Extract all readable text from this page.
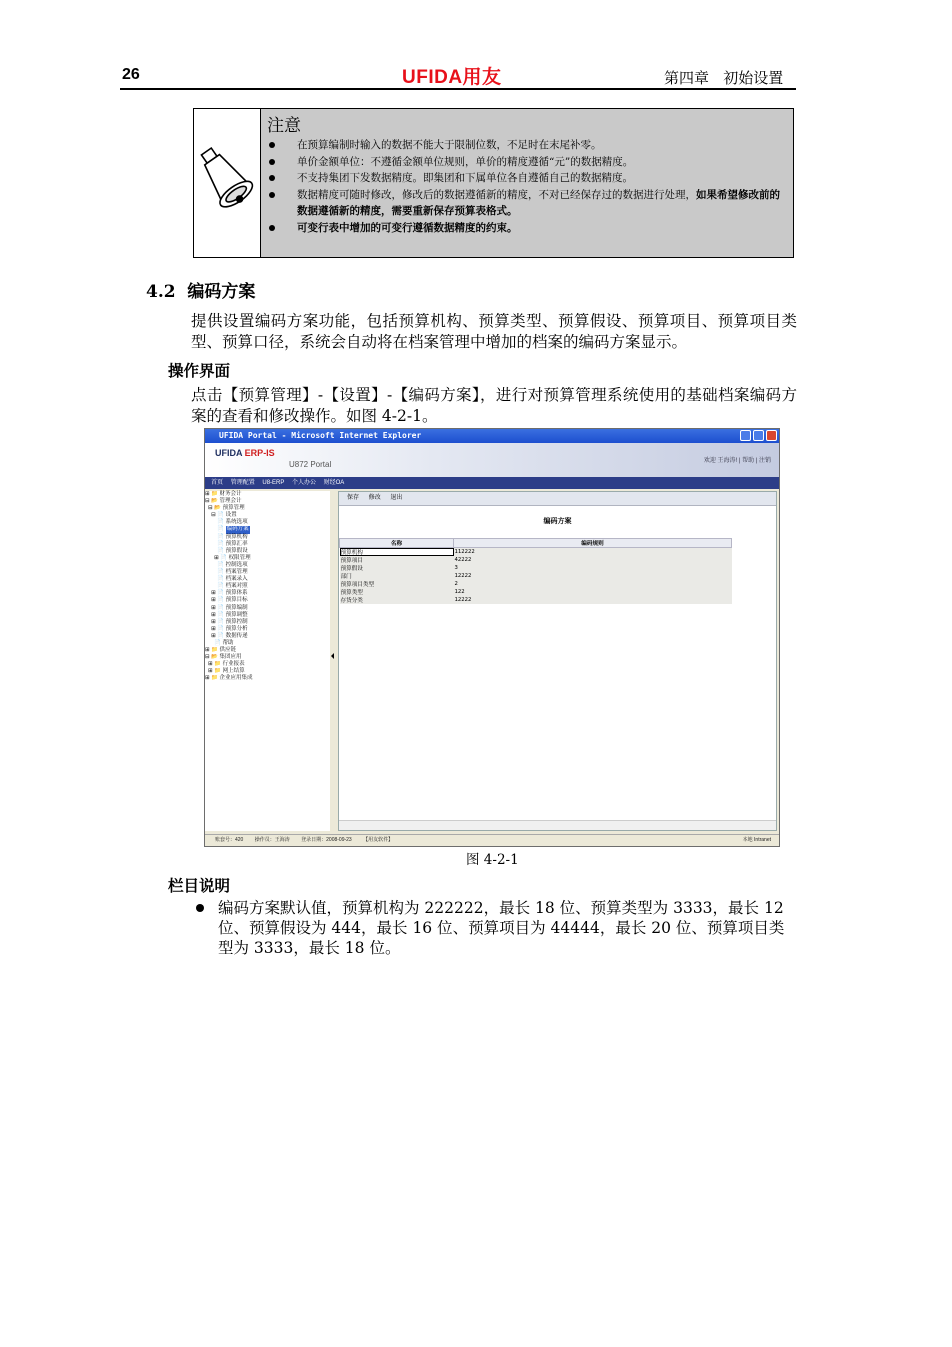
26	UFIDA用友	第四章   初始设置
注意
在预算编制时输入的数据不能大于限制位数，不足时在末尾补零。
单价金额单位：不遵循金额单位规则，单价的精度遵循“元”的数据精度。
不支持集团下发数据精度。即集团和下属单位各自遵循自己的数据精度。
数据精度可随时修改，修改后的数据遵循新的精度，不对已经保存过的数据进行处理，如果希望修改前的数据遵循新的精度，需要重新保存预算表格式。
可变行表中增加的可变行遵循数据精度的约束。
4.2  编码方案
提供设置编码方案功能，包括预算机构、预算类型、预算假设、预算项目、预算项目类型、预算口径，系统会自动将在档案管理中增加的档案的编码方案显示。
操作界面
点击【预算管理】-【设置】-【编码方案】，进行对预算管理系统使用的基础档案编码方案的查看和修改操作。如图 4-2-1。
UFIDA Portal - Microsoft Internet Explorer
UFIDA ERP-IS
U872 Portal	欢迎 王海涛! | 帮助 | 注销
首页 管理配置 U8-ERP 个人办公 财经OA
⊞ 📁 财务会计
⊟ 📂 管理会计
⊟ 📂 预算管理
⊟ 📄 设置
📄 系统选项
📄 编码方案
📄 预算机构
📄 预算汇率
📄 预算假设
⊞ 📄 权限管理
📄 控制选项
📄 档案管理
📄 档案录入
📄 档案对照
⊞ 📄 预算体系
⊞ 📄 预算目标
⊞ 📄 预算编制
⊞ 📄 预算调整
⊞ 📄 预算控制
⊞ 📄 预算分析
⊞ 📄 数据传递
📄 帮助
⊞ 📁 供应链
⊟ 📂 集团应用
⊞ 📁 行业报表
⊞ 📁 网上结算
⊞ 📁 企业应用集成
保存 修改 退出
编码方案
名称	编码规则
预算机构	112222
预算项目	42222
预算假设	3
部门	12222
预算项目类型	2
预算类型	122
存货分类	12222
账套号：420 操作员：王海涛 登录日期：2008-09-23 【用友软件】	本地 Intranet
图 4-2-1
栏目说明
编码方案默认值，预算机构为 222222，最长 18 位、预算类型为 3333，最长 12 位、预算假设为 444，最长 16 位、预算项目为 44444，最长 20 位、预算项目类型为 3333，最长 18 位。
